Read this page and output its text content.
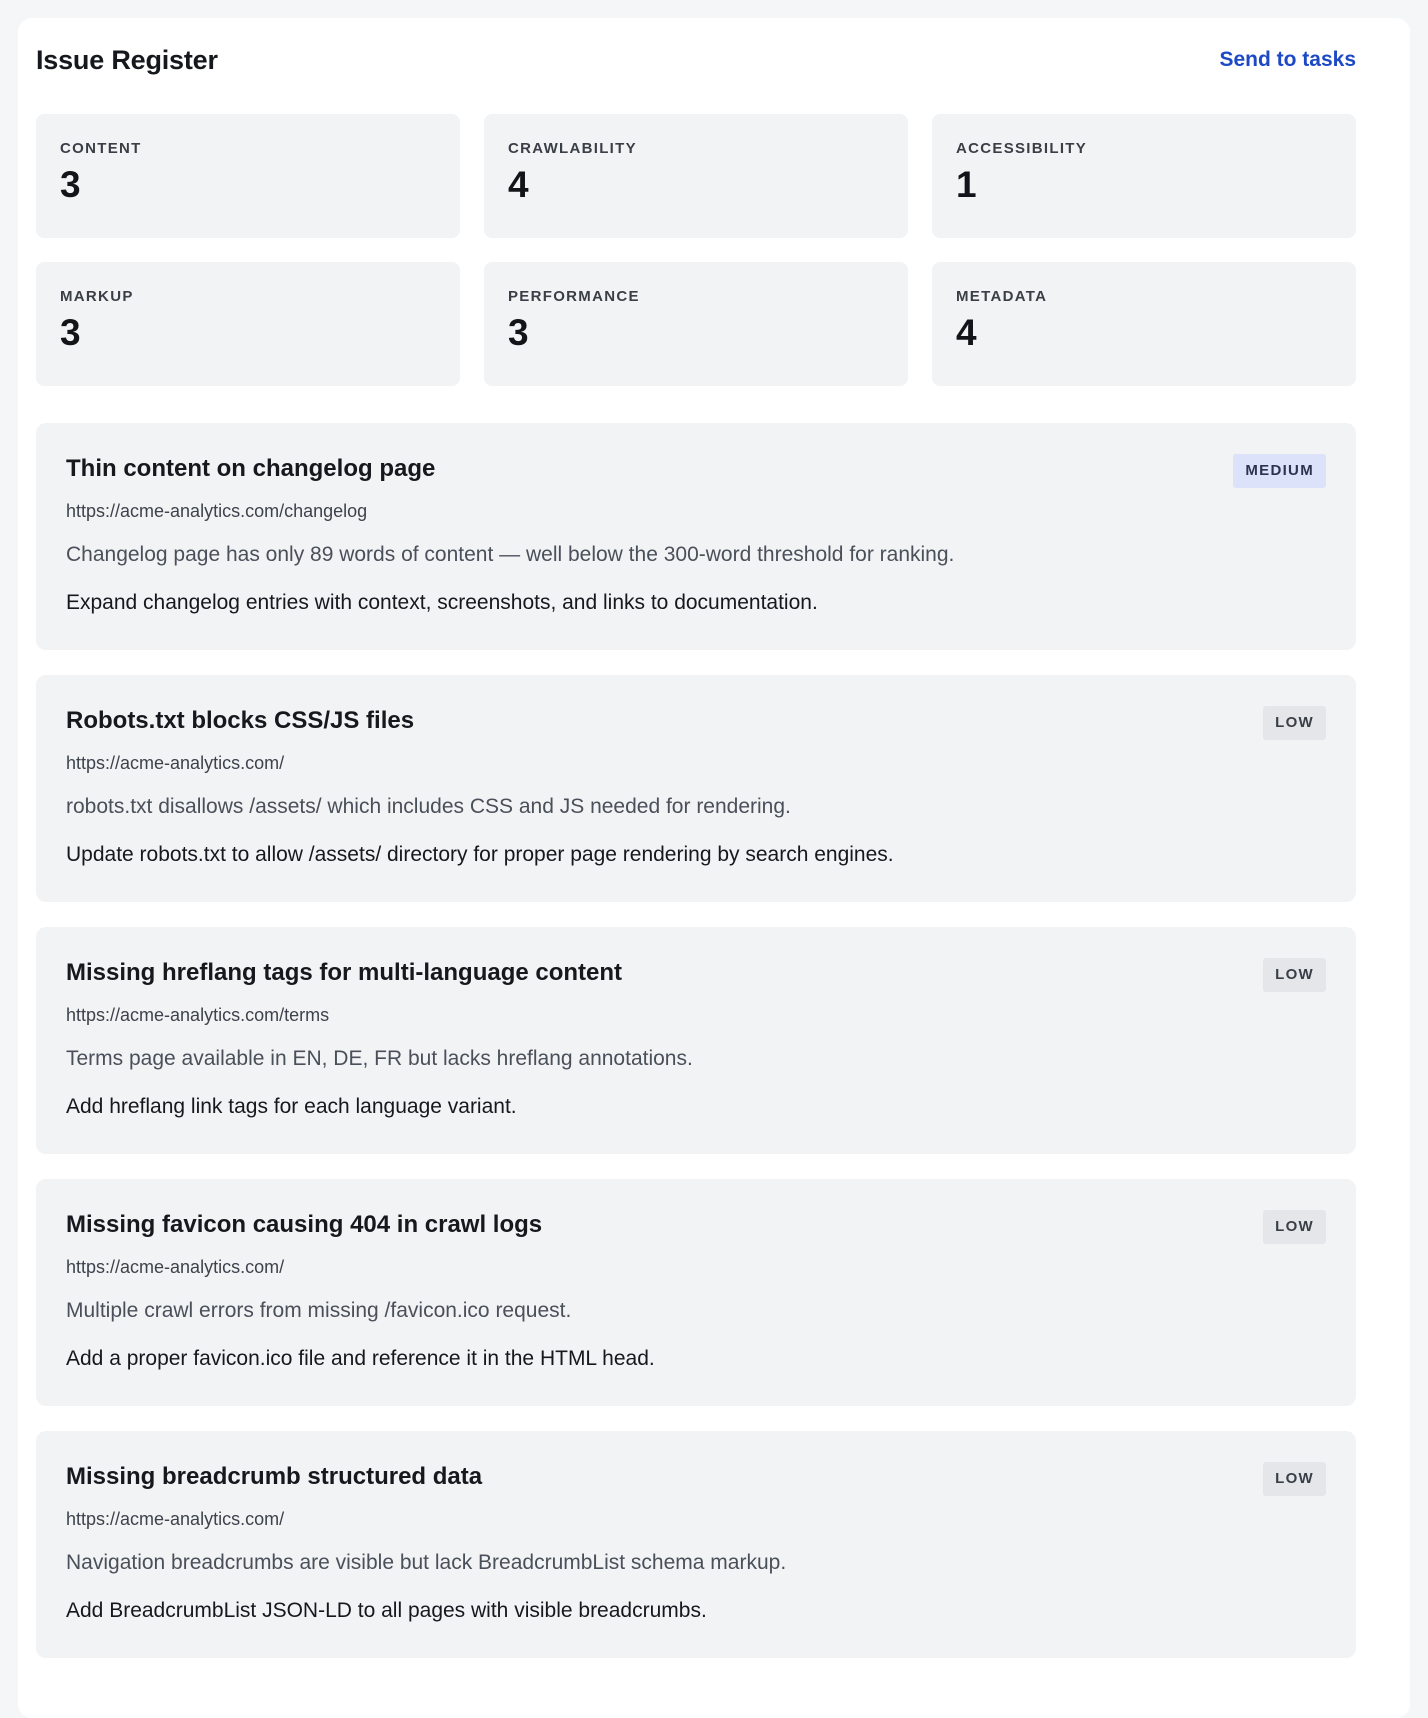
Issue Register	Send to tasks
CONTENT
3
CRAWLABILITY
4
ACCESSIBILITY
1
MARKUP
3
PERFORMANCE
3
METADATA
4
Thin content on changelog page	MEDIUM
https://acme-analytics.com/changelog
Changelog page has only 89 words of content — well below the 300-word threshold for ranking.
Expand changelog entries with context, screenshots, and links to documentation.
Robots.txt blocks CSS/JS files	LOW
https://acme-analytics.com/
robots.txt disallows /assets/ which includes CSS and JS needed for rendering.
Update robots.txt to allow /assets/ directory for proper page rendering by search engines.
Missing hreflang tags for multi-language content	LOW
https://acme-analytics.com/terms
Terms page available in EN, DE, FR but lacks hreflang annotations.
Add hreflang link tags for each language variant.
Missing favicon causing 404 in crawl logs	LOW
https://acme-analytics.com/
Multiple crawl errors from missing /favicon.ico request.
Add a proper favicon.ico file and reference it in the HTML head.
Missing breadcrumb structured data	LOW
https://acme-analytics.com/
Navigation breadcrumbs are visible but lack BreadcrumbList schema markup.
Add BreadcrumbList JSON-LD to all pages with visible breadcrumbs.
